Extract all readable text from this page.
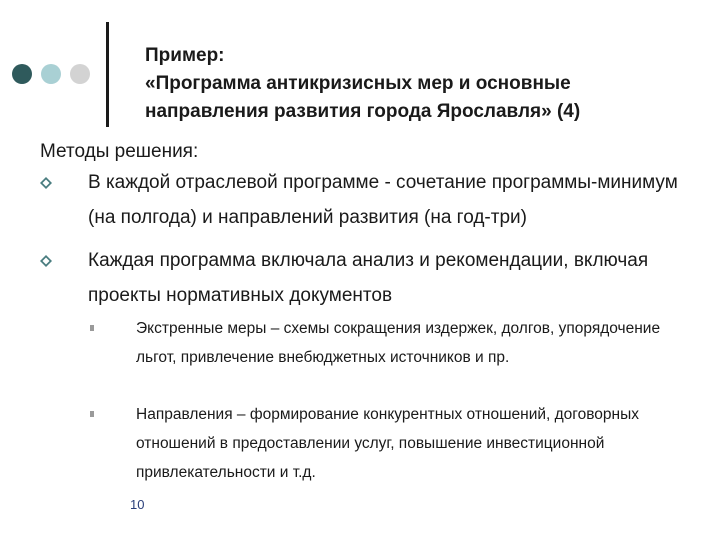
Пример:
«Программа антикризисных мер и основные
направления развития города Ярославля» (4)
Методы решения:
В каждой отраслевой программе - сочетание программы-минимум (на полгода) и направлений развития (на год-три)
Каждая программа включала анализ и рекомендации, включая проекты нормативных документов
Экстренные меры – схемы сокращения издержек, долгов, упорядочение льгот, привлечение внебюджетных источников и пр.
Направления – формирование конкурентных отношений, договорных отношений в предоставлении услуг, повышение инвестиционной привлекательности и т.д.
10
